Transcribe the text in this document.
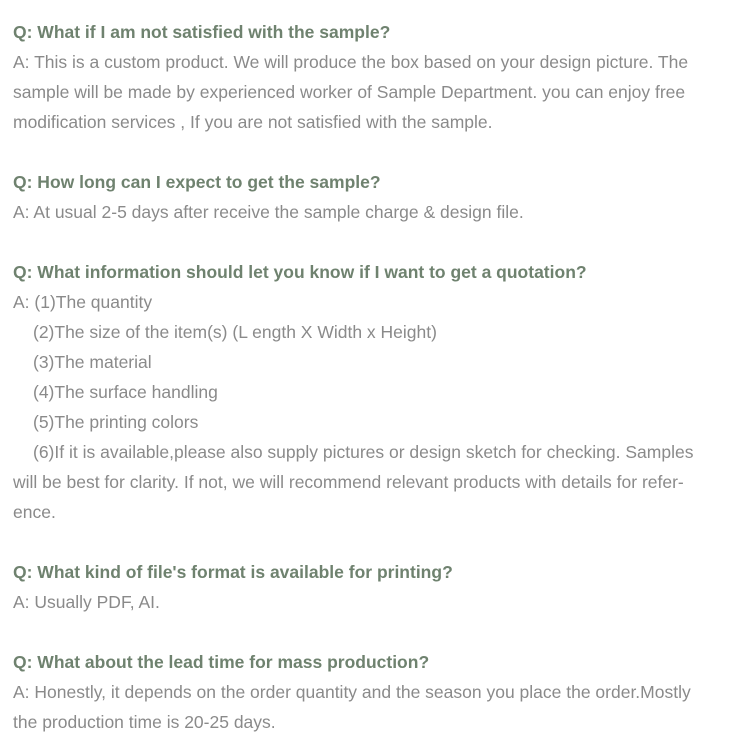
Q: What if I am not satisfied with the sample?
A: This is a custom product. We will produce the box based on your design picture. The
sample will be made by experienced worker of Sample Department. you can enjoy free
modification services , If you are not satisfied with the sample.
Q: How long can I expect to get the sample?
A: At usual 2-5 days after receive the sample charge & design file.
Q: What information should let you know if I want to get a quotation?
A: (1)The quantity
(2)The size of the item(s) (L ength X Width x Height)
(3)The material
(4)The surface handling
(5)The printing colors
(6)If it is available,please also supply pictures or design sketch for checking. Samples
will be best for clarity. If not, we will recommend relevant products with details for refer-
ence.
Q: What kind of file's format is available for printing?
A: Usually PDF, AI.
Q: What about the lead time for mass production?
A: Honestly, it depends on the order quantity and the season you place the order.Mostly
the production time is 20-25 days.
